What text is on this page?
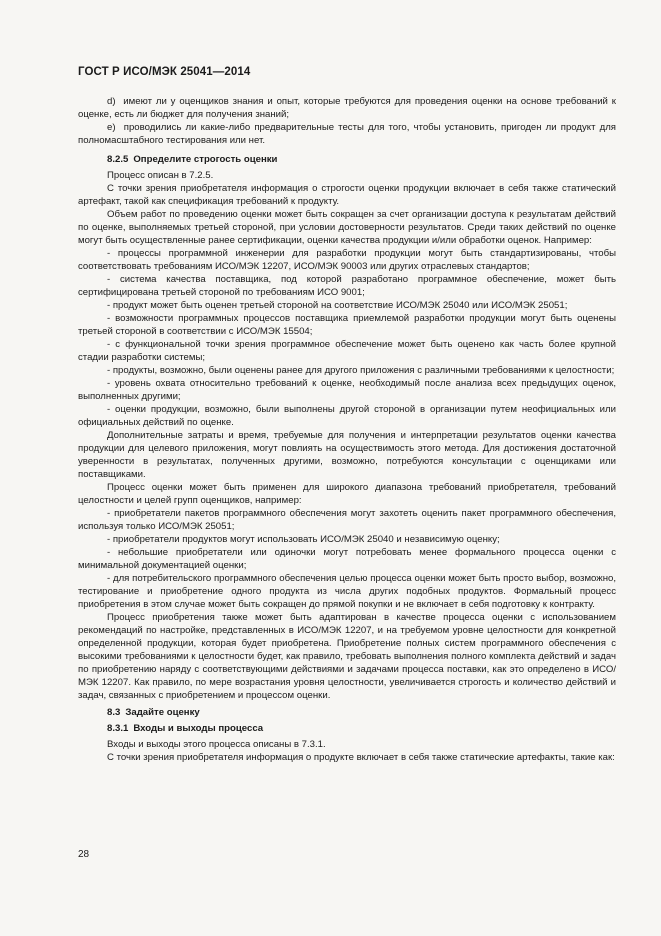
ГОСТ Р ИСО/МЭК 25041—2014

d)  имеют ли у оценщиков знания и опыт, которые требуются для проведения оценки на основе требований к оценке, есть ли бюджет для получения знаний;

e)  проводились ли какие-либо предварительные тесты для того, чтобы установить, пригоден ли продукт для полномасштабного тестирования или нет.

8.2.5 Определите строгость оценки

Процесс описан в 7.2.5.

С точки зрения приобретателя информация о строгости оценки продукции включает в себя также статический артефакт, такой как спецификация требований к продукту.

Объем работ по проведению оценки может быть сокращен за счет организации доступа к результатам действий по оценке, выполняемых третьей стороной, при условии достоверности результатов. Среди таких действий по оценке могут быть осуществленные ранее сертификации, оценки качества продукции и/или обработки оценок. Например:

- процессы программной инженерии для разработки продукции могут быть стандартизированы, чтобы соответствовать требованиям ИСО/МЭК 12207, ИСО/МЭК 90003 или других отраслевых стандартов;

- система качества поставщика, под которой разработано программное обеспечение, может быть сертифицирована третьей стороной по требованиям ИСО 9001;

- продукт может быть оценен третьей стороной на соответствие ИСО/МЭК 25040 или ИСО/МЭК 25051;

- возможности программных процессов поставщика приемлемой разработки продукции могут быть оценены третьей стороной в соответствии с ИСО/МЭК 15504;

- с функциональной точки зрения программное обеспечение может быть оценено как часть более крупной стадии разработки системы;

- продукты, возможно, были оценены ранее для другого приложения с различными требованиями к целостности;

- уровень охвата относительно требований к оценке, необходимый после анализа всех предыдущих оценок, выполненных другими;

- оценки продукции, возможно, были выполнены другой стороной в организации путем неофициальных или официальных действий по оценке.

Дополнительные затраты и время, требуемые для получения и интерпретации результатов оценки качества продукции для целевого приложения, могут повлиять на осуществимость этого метода. Для достижения достаточной уверенности в результатах, полученных другими, возможно, потребуются консультации с оценщиками или поставщиками.

Процесс оценки может быть применен для широкого диапазона требований приобретателя, требований целостности и целей групп оценщиков, например:

- приобретатели пакетов программного обеспечения могут захотеть оценить пакет программного обеспечения, используя только ИСО/МЭК 25051;

- приобретатели продуктов могут использовать ИСО/МЭК 25040 и независимую оценку;

- небольшие приобретатели или одиночки могут потребовать менее формального процесса оценки с минимальной документацией оценки;

- для потребительского программного обеспечения целью процесса оценки может быть просто выбор, возможно, тестирование и приобретение одного продукта из числа других подобных продуктов. Формальный процесс приобретения в этом случае может быть сокращен до прямой покупки и не включает в себя подготовку к контракту.

Процесс приобретения также может быть адаптирован в качестве процесса оценки с использованием рекомендаций по настройке, представленных в ИСО/МЭК 12207, и на требуемом уровне целостности для конкретной определенной продукции, которая будет приобретена. Приобретение полных систем программного обеспечения с высокими требованиями к целостности будет, как правило, требовать выполнения полного комплекта действий и задач по приобретению наряду с соответствующими действиями и задачами процесса поставки, как это определено в ИСО/МЭК 12207. Как правило, по мере возрастания уровня целостности, увеличивается строгость и количество действий и задач, связанных с приобретением и процессом оценки.

8.3 Задайте оценку
8.3.1 Входы и выходы процесса

Входы и выходы этого процесса описаны в 7.3.1.

С точки зрения приобретателя информация о продукте включает в себя также статические артефакты, такие как:

28
